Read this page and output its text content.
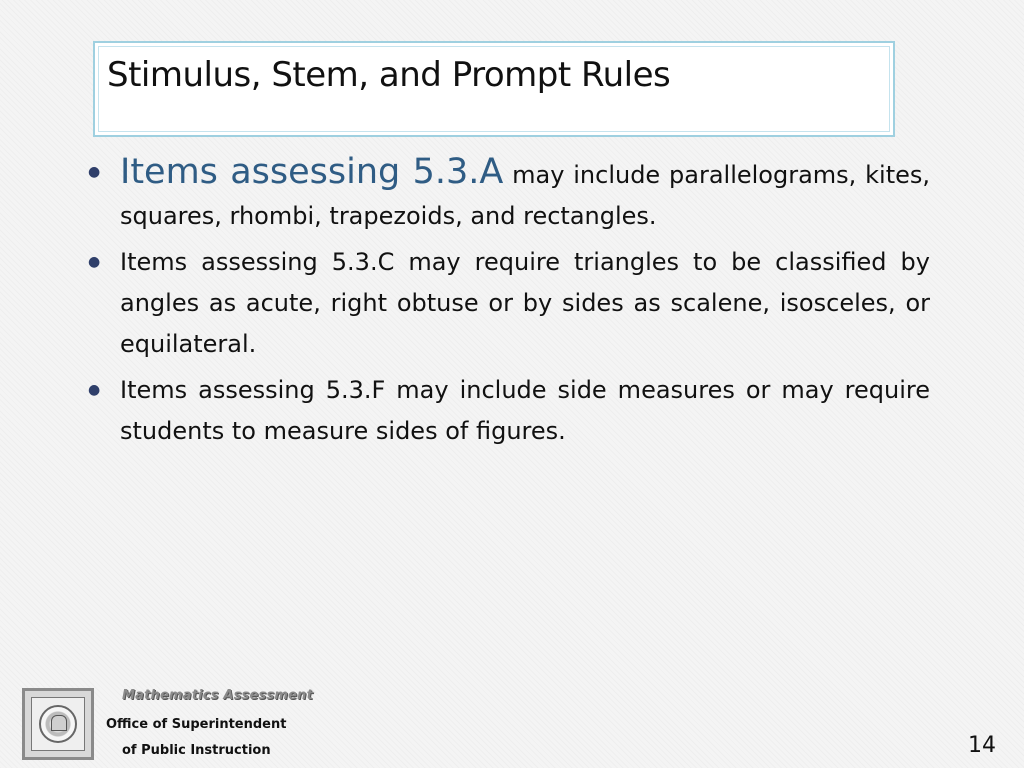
Stimulus, Stem, and Prompt Rules
● Items assessing 5.3.A may include parallelograms, kites, squares, rhombi, trapezoids, and rectangles.
● Items assessing 5.3.C may require triangles to be classified by angles as acute, right obtuse or by sides as scalene, isosceles, or equilateral.
● Items assessing 5.3.F may include side measures or may require students to measure sides of figures.
Mathematics Assessment
Office of Superintendent
of Public Instruction	14
